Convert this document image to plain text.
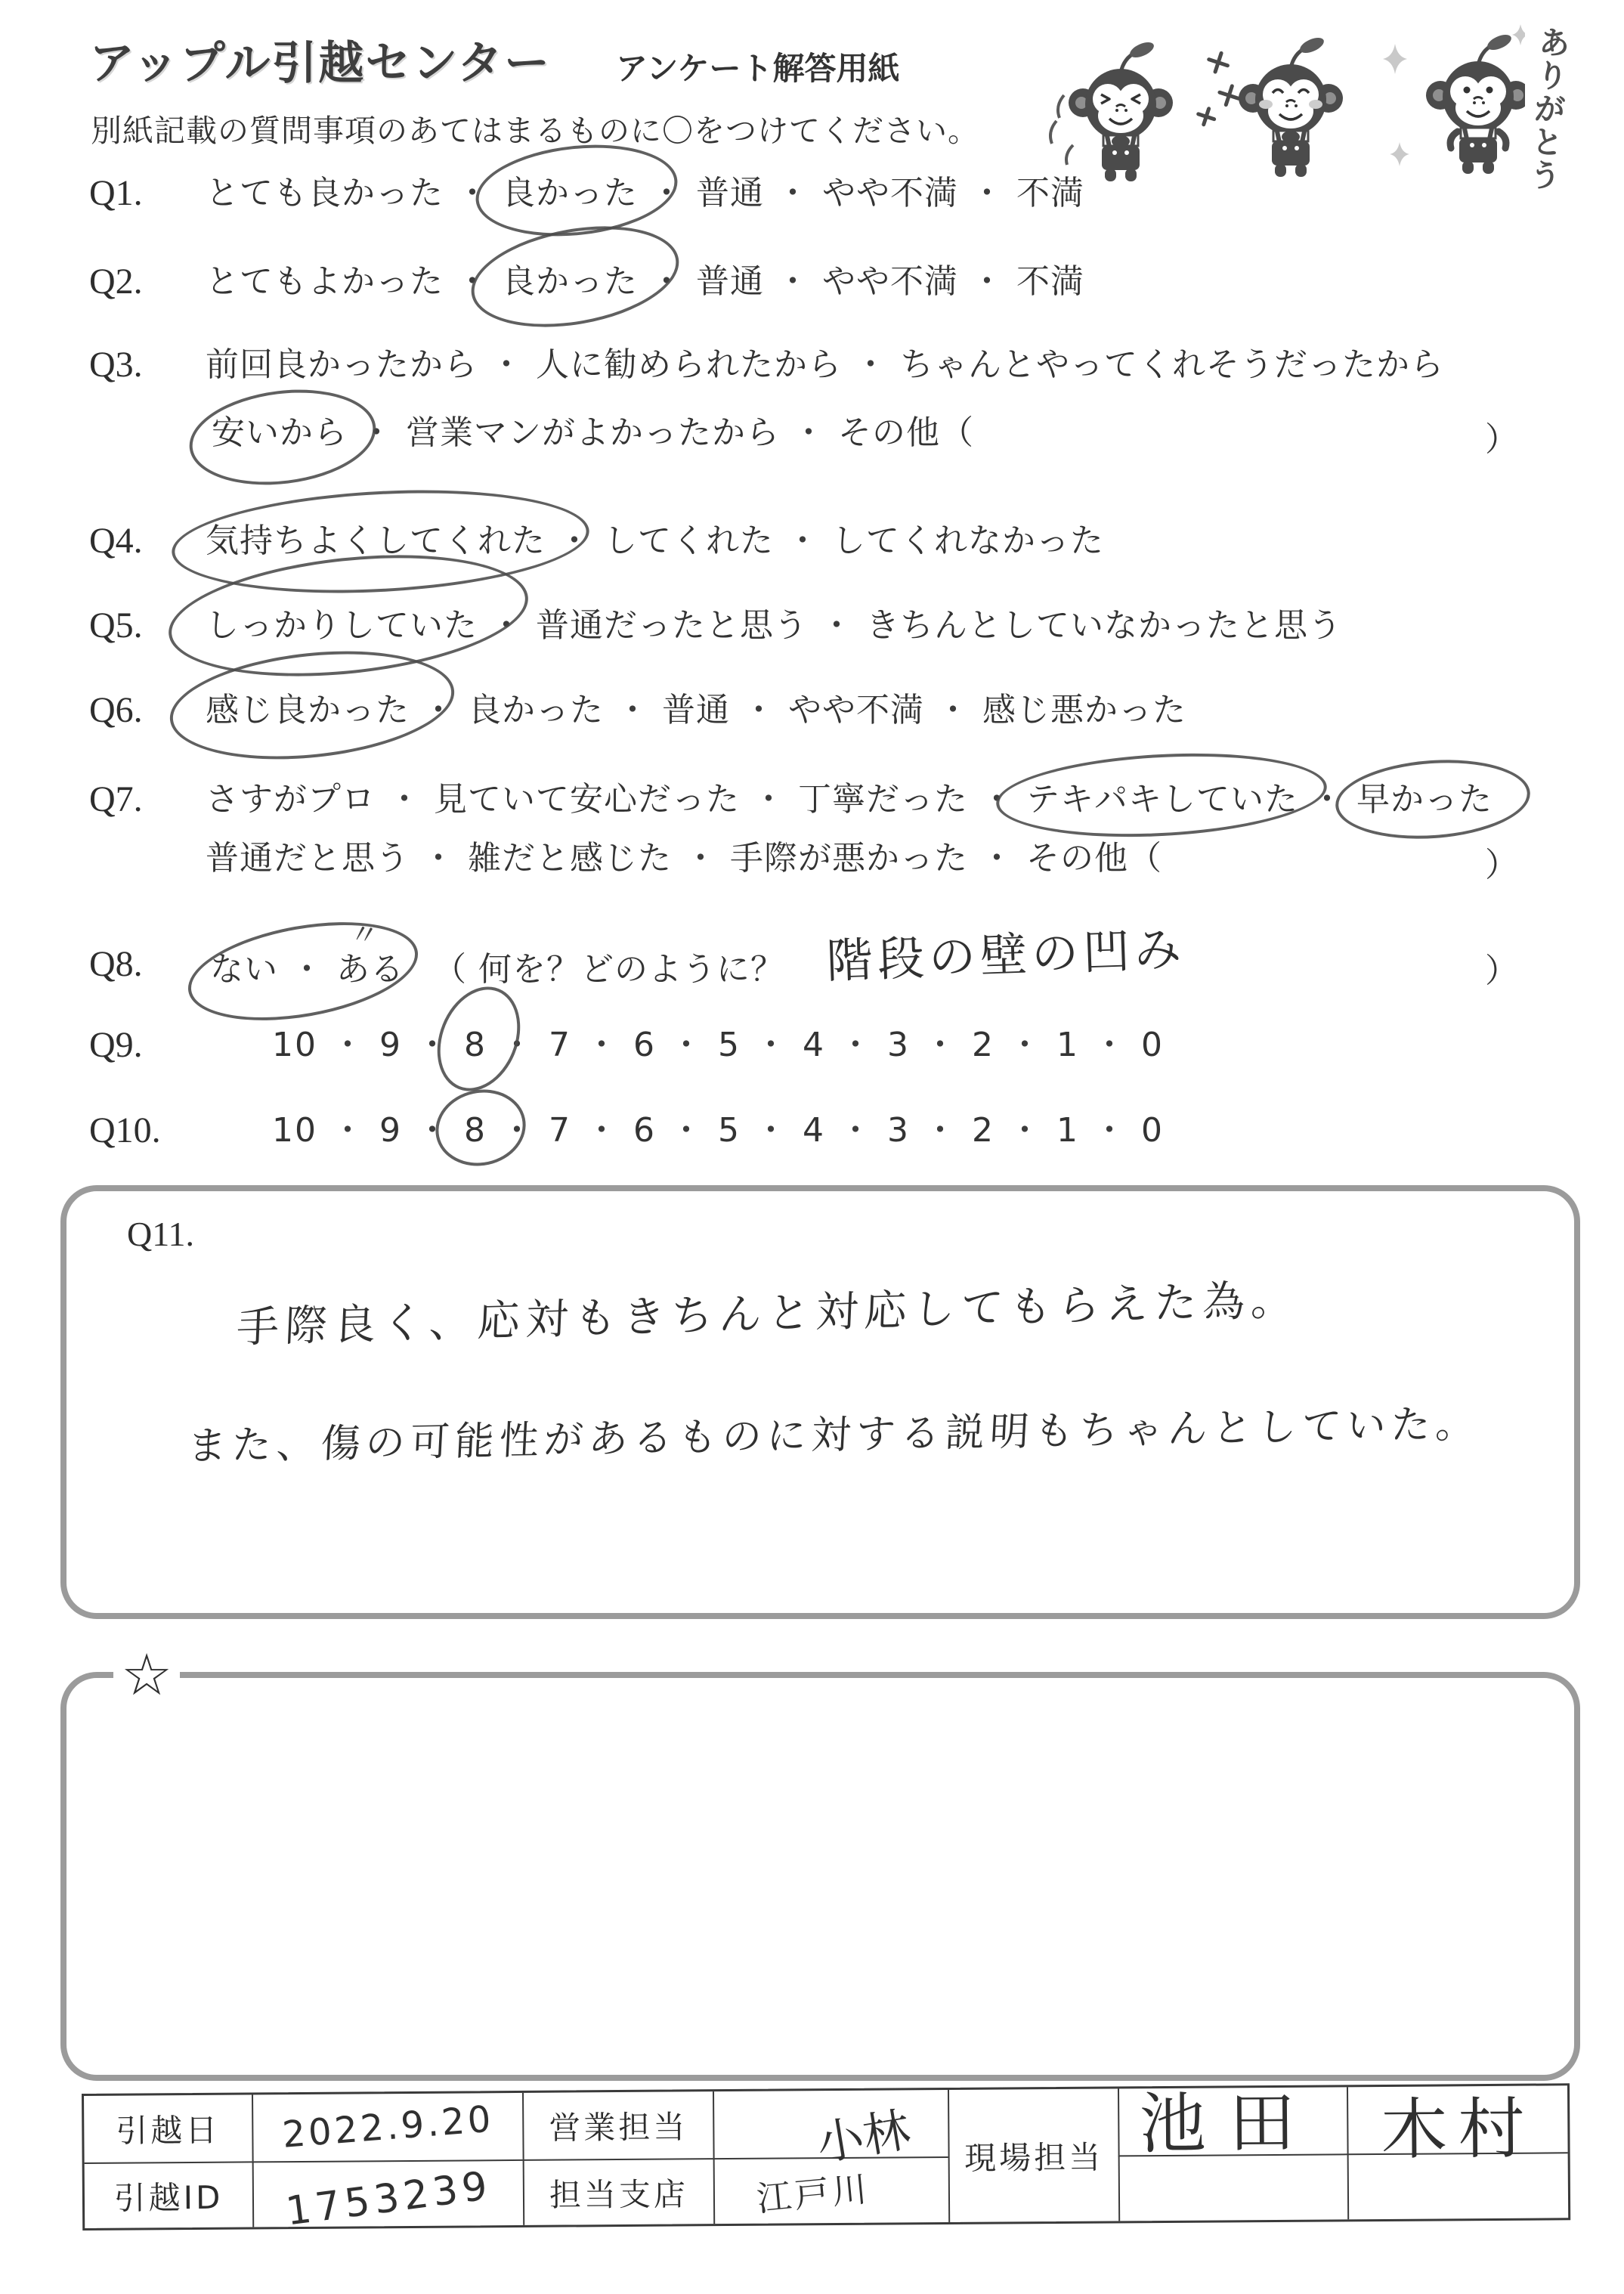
アップル引越センター アンケート解答用紙
別紙記載の質問事項のあてはまるものに〇をつけてください。	ありがとう
Q1. とても良かった ・ 良かった ・ 普通 ・ やや不満 ・ 不満
Q2. とてもよかった ・ 良かった ・ 普通 ・ やや不満 ・ 不満
Q3. 前回良かったから ・ 人に勧められたから ・ ちゃんとやってくれそうだったから
安いから ・ 営業マンがよかったから ・ その他（	）
Q4. 気持ちよくしてくれた ・ してくれた ・ してくれなかった
Q5. しっかりしていた ・ 普通だったと思う ・ きちんとしていなかったと思う
Q6. 感じ良かった ・ 良かった ・ 普通 ・ やや不満 ・ 感じ悪かった
Q7. さすがプロ ・ 見ていて安心だった ・ 丁寧だった ・ テキパキしていた ・ 早かった
普通だと思う ・ 雑だと感じた ・ 手際が悪かった ・ その他（	）
Q8. ない ・ ある
〃
（ 何を？どのように？ 階段の壁の凹み	）
Q9.	10 ・ 9 ・ 8 ・ 7 ・ 6 ・ 5 ・ 4 ・ 3 ・ 2 ・ 1 ・ 0
Q10.	10 ・ 9 ・ 8 ・ 7 ・ 6 ・ 5 ・ 4 ・ 3 ・ 2 ・ 1 ・ 0
Q11.
手際良く、応対もきちんと対応してもらえた為。
また、傷の可能性があるものに対する説明もちゃんとしていた。
☆
引越日	2022.9.20	営業担当	小林	現場担当 池田 木村
引越ID	1753239	担当支店	江戸川
